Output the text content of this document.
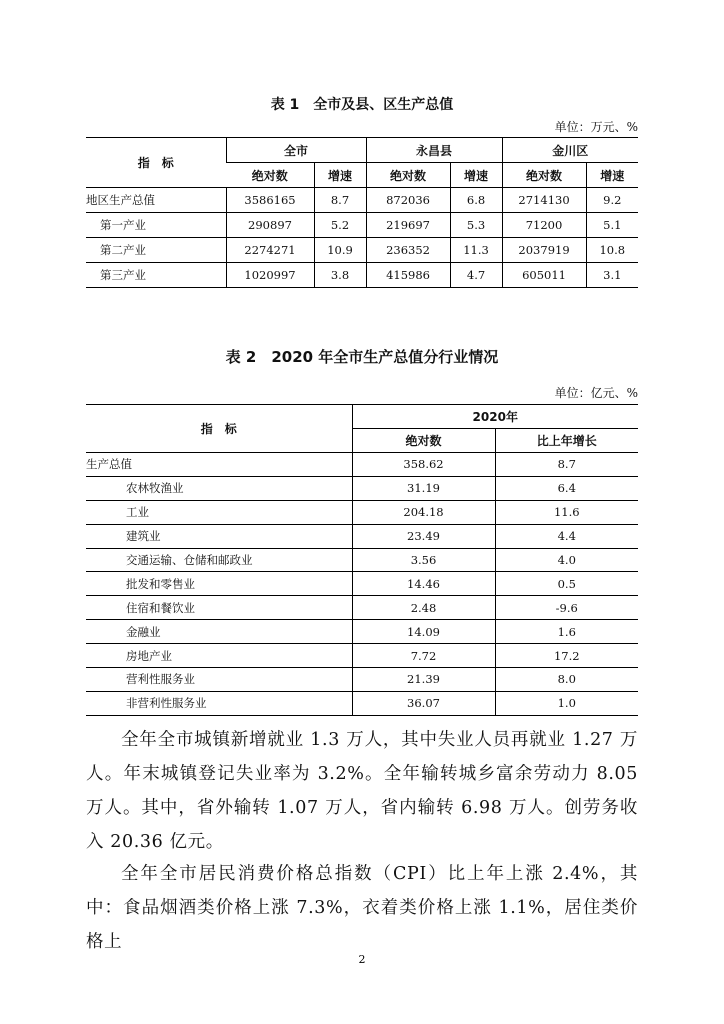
表 1　全市及县、区生产总值
单位：万元、%
指　标	全市		永昌县		金川区	
	绝对数	增速	绝对数	增速	绝对数	增速
地区生产总值	3586165	8.7	872036	6.8	2714130	9.2
第一产业	290897	5.2	219697	5.3	71200	5.1
第二产业	2274271	10.9	236352	11.3	2037919	10.8
第三产业	1020997	3.8	415986	4.7	605011	3.1
表 2　2020 年全市生产总值分行业情况
单位：亿元、%
指　标	2020年	
	绝对数	比上年增长
生产总值	358.62	8.7
农林牧渔业	31.19	6.4
工业	204.18	11.6
建筑业	23.49	4.4
交通运输、仓储和邮政业	3.56	4.0
批发和零售业	14.46	0.5
住宿和餐饮业	2.48	-9.6
金融业	14.09	1.6
房地产业	7.72	17.2
营利性服务业	21.39	8.0
非营利性服务业	36.07	1.0

全年全市城镇新增就业 1.3 万人，其中失业人员再就业 1.27 万人。年末城镇登记失业率为 3.2%。全年输转城乡富余劳动力 8.05 万人。其中，省外输转 1.07 万人，省内输转 6.98 万人。创劳务收入 20.36 亿元。

全年全市居民消费价格总指数（CPI）比上年上涨 2.4%，其中：食品烟酒类价格上涨 7.3%，衣着类价格上涨 1.1%，居住类价格上

2
